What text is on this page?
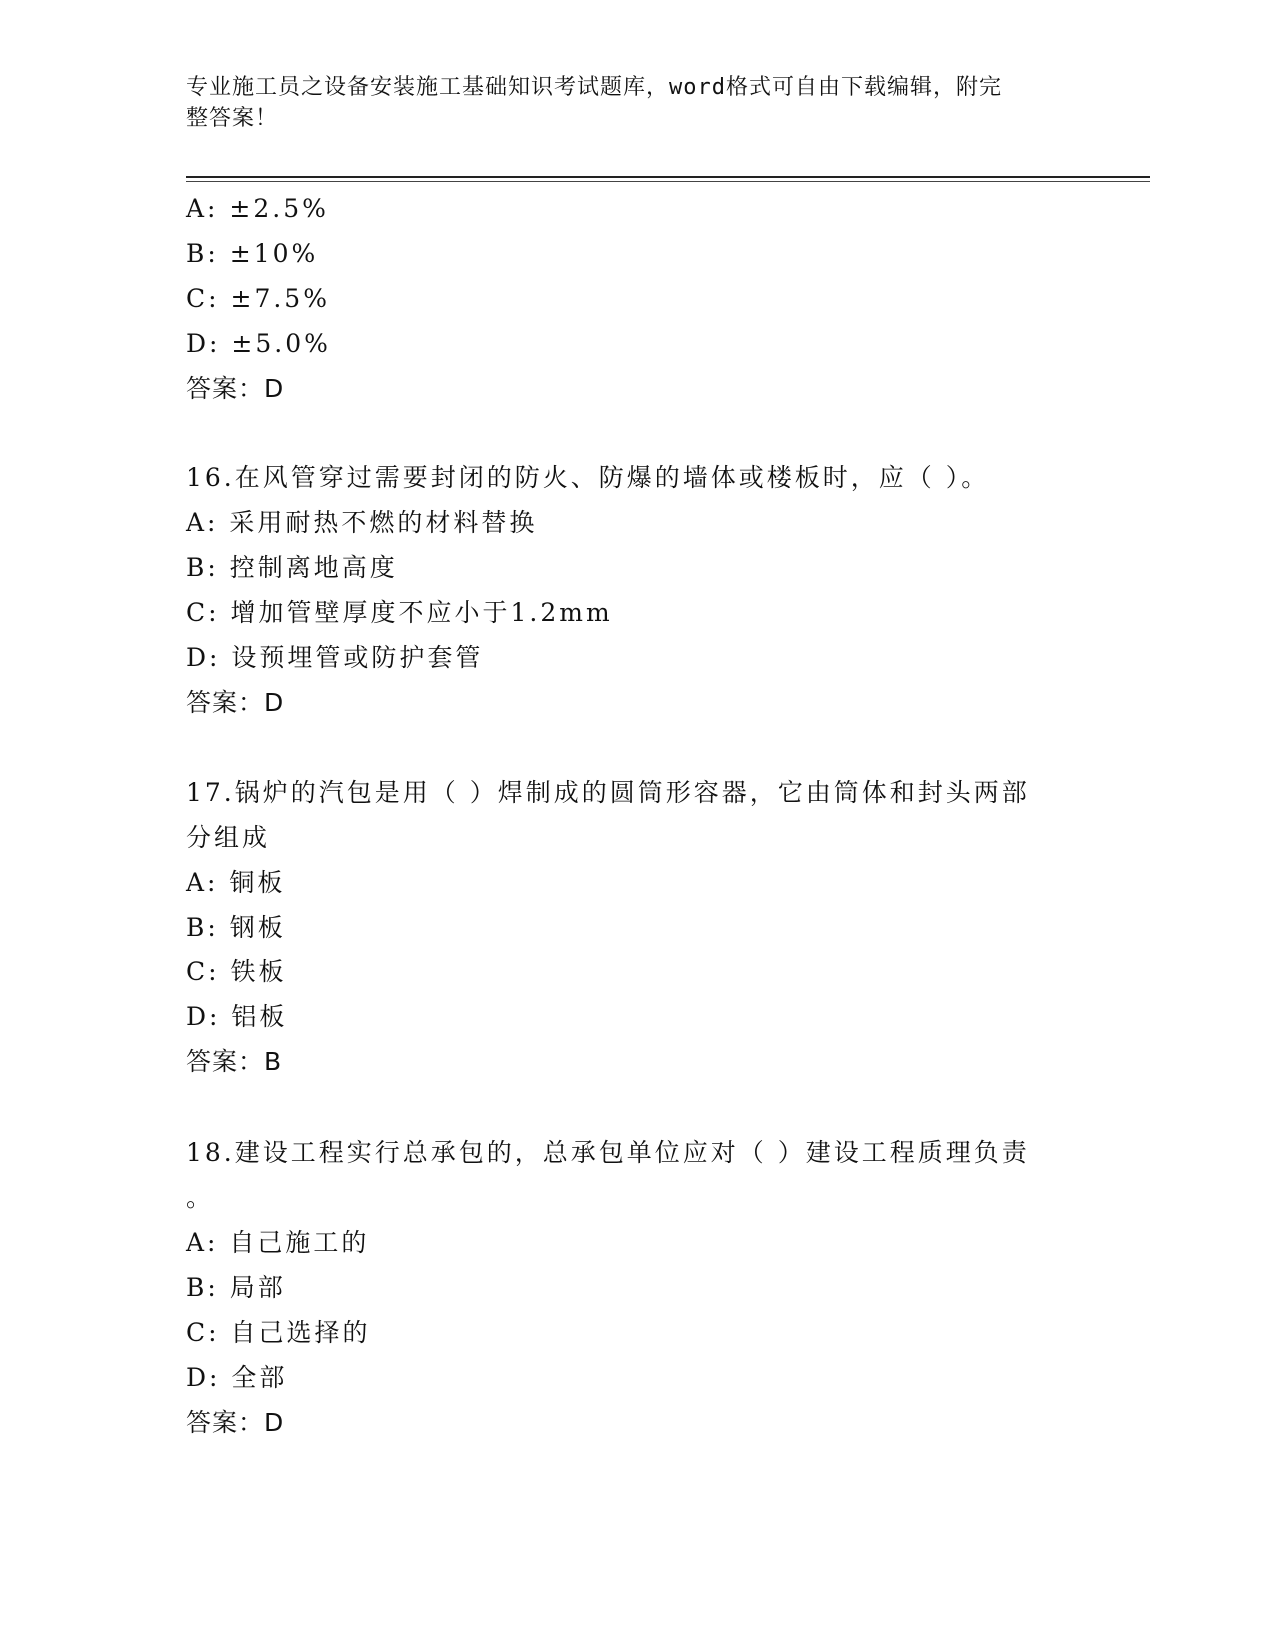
专业施工员之设备安装施工基础知识考试题库，word格式可自由下载编辑，附完
整答案！
A: ±2.5%
B: ±10%
C: ±7.5%
D: ±5.0%
答案：D
16.在风管穿过需要封闭的防火、防爆的墙体或楼板时，应（ ）。
A: 采用耐热不燃的材料替换
B: 控制离地高度
C: 增加管壁厚度不应小于1.2mm
D: 设预埋管或防护套管
答案：D
17.锅炉的汽包是用（ ）焊制成的圆筒形容器，它由筒体和封头两部
分组成
A: 铜板
B: 钢板
C: 铁板
D: 铝板
答案：B
18.建设工程实行总承包的，总承包单位应对（ ）建设工程质理负责
。
A: 自己施工的
B: 局部
C: 自己选择的
D: 全部
答案：D
